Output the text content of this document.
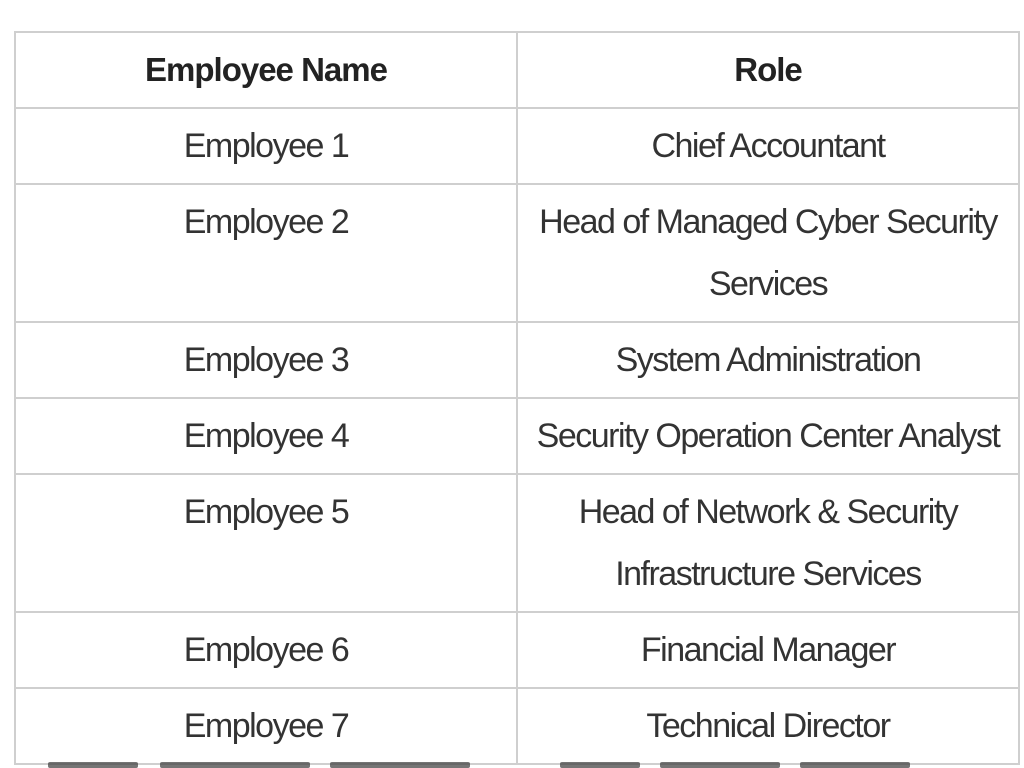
Employee Name	Role
Employee 1	Chief Accountant
Employee 2	Head of Managed Cyber Security Services
Employee 3	System Administration
Employee 4	Security Operation Center Analyst
Employee 5	Head of Network & Security Infrastructure Services
Employee 6	Financial Manager
Employee 7	Technical Director
